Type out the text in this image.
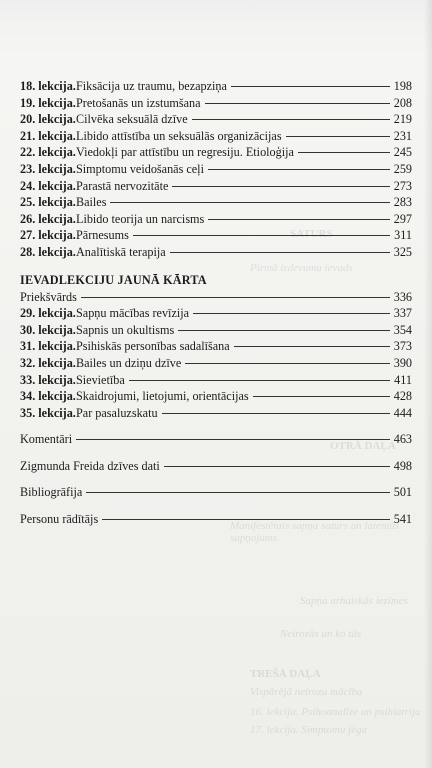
SATURS
Pirmā izdevuma ievads
OTRĀ DAĻA
Manifestētais sapņa saturs un latentās sapņojums
Sapņa arhaiskās iezīmes
Neirozās un ko tās
TREŠĀ DAĻA
Vispārējā neirozu mācība
16. lekcija. Psihoanalīze un psihiatrija
17. lekcija. Simptomu jēga
18. lekcija. Fiksācija uz traumu, bezapziņa	198
19. lekcija. Pretošanās un izstumšana	208
20. lekcija. Cilvēka seksuālā dzīve	219
21. lekcija. Libido attīstība un seksuālās organizācijas	231
22. lekcija. Viedokļi par attīstību un regresiju. Etioloģija	245
23. lekcija. Simptomu veidošanās ceļi	259
24. lekcija. Parastā nervozitāte	273
25. lekcija. Bailes	283
26. lekcija. Libido teorija un narcisms	297
27. lekcija. Pārnesums	311
28. lekcija. Analītiskā terapija	325
IEVADLEKCIJU JAUNĀ KĀRTA
Priekšvārds	336
29. lekcija. Sapņu mācības revīzija	337
30. lekcija. Sapnis un okultisms	354
31. lekcija. Psihiskās personības sadalīšana	373
32. lekcija. Bailes un dziņu dzīve	390
33. lekcija. Sievietība	411
34. lekcija. Skaidrojumi, lietojumi, orientācijas	428
35. lekcija. Par pasaluzskatu	444
Komentāri	463
Zigmunda Freida dzīves dati	498
Bibliogrāfija	501
Personu rādītājs	541
